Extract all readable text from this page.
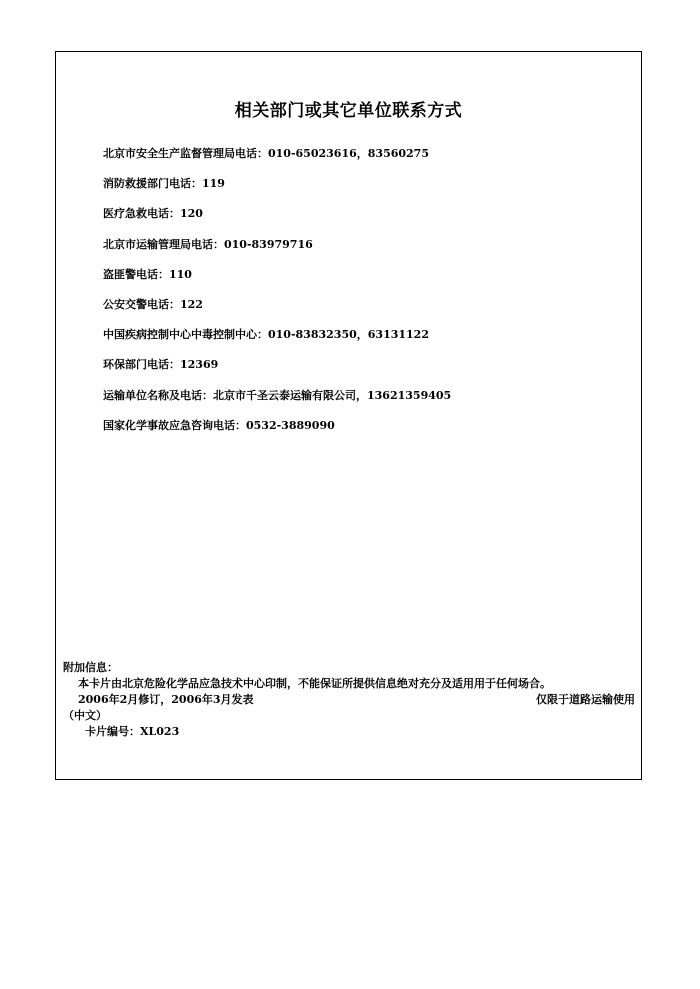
相关部门或其它单位联系方式
北京市安全生产监督管理局电话：010-65023616，83560275
消防救援部门电话：119
医疗急救电话：120
北京市运输管理局电话：010-83979716
盗匪警电话：110
公安交警电话：122
中国疾病控制中心中毒控制中心：010-83832350，63131122
环保部门电话：12369
运输单位名称及电话：北京市千圣云泰运输有限公司，13621359405
国家化学事故应急咨询电话：0532-3889090
附加信息：
本卡片由北京危险化学品应急技术中心印制，不能保证所提供信息绝对充分及适用用于任何场合。
2006年2月修订，2006年3月发表	仅限于道路运输使用
（中文）
卡片编号：XL023
